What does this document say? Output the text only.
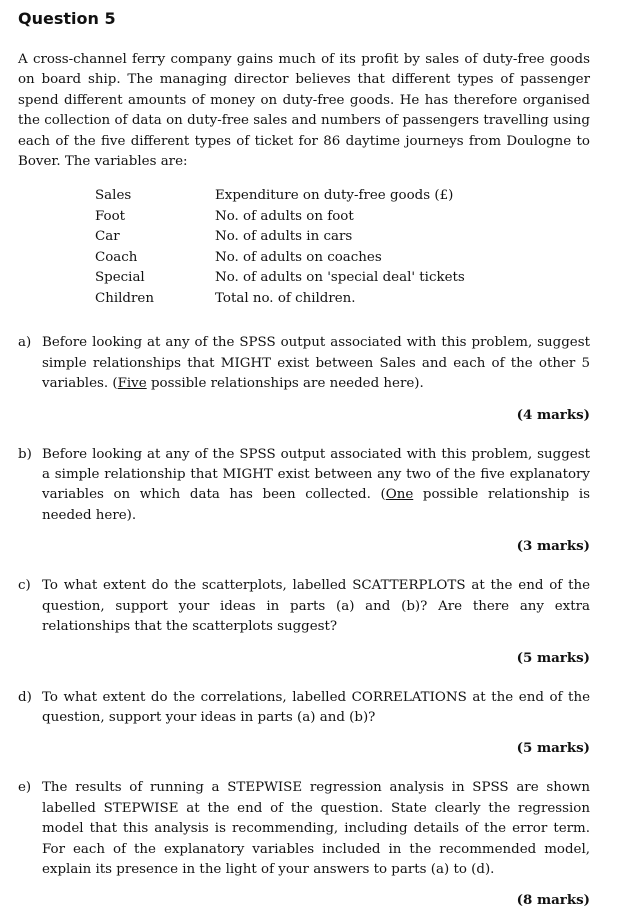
Question 5

A cross-channel ferry company gains much of its profit by sales of duty-free goods on board ship. The managing director believes that different types of passenger spend different amounts of money on duty-free goods. He has therefore organised the collection of data on duty-free sales and numbers of passengers travelling using each of the five different types of ticket for 86 daytime journeys from Doulogne to Bover. The variables are:

Sales	Expenditure on duty-free goods (£)
Foot	No. of adults on foot
Car	No. of adults in cars
Coach	No. of adults on coaches
Special	No. of adults on 'special deal' tickets
Children	Total no. of children.
a) Before looking at any of the SPSS output associated with this problem, suggest simple relationships that MIGHT exist between Sales and each of the other 5 variables. (Five possible relationships are needed here).
(4 marks)
b) Before looking at any of the SPSS output associated with this problem, suggest a simple relationship that MIGHT exist between any two of the five explanatory variables on which data has been collected. (One possible relationship is needed here).
(3 marks)
c) To what extent do the scatterplots, labelled SCATTERPLOTS at the end of the question, support your ideas in parts (a) and (b)? Are there any extra relationships that the scatterplots suggest?
(5 marks)
d) To what extent do the correlations, labelled CORRELATIONS at the end of the question, support your ideas in parts (a) and (b)?
(5 marks)
e) The results of running a STEPWISE regression analysis in SPSS are shown labelled STEPWISE at the end of the question. State clearly the regression model that this analysis is recommending, including details of the error term. For each of the explanatory variables included in the recommended model, explain its presence in the light of your answers to parts (a) to (d).
(8 marks)
